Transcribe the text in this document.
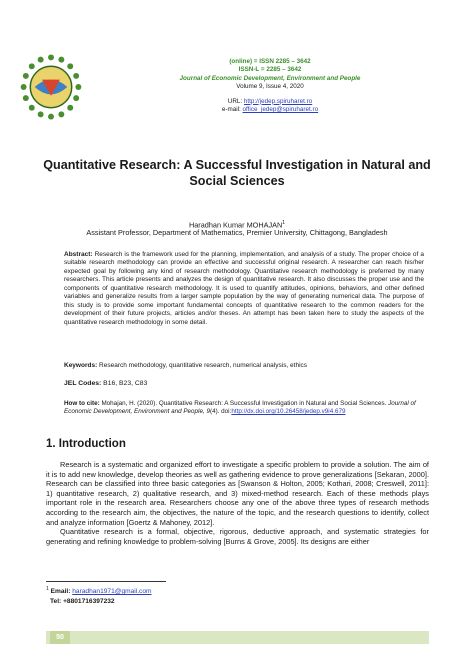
(online) = ISSN 2285 – 3642
ISSN-L = 2285 – 3642
Journal of Economic Development, Environment and People
Volume 9, Issue 4, 2020
URL: http://jedep.spiruharet.ro
e-mail: office_jedep@spiruharet.ro
Quantitative Research: A Successful Investigation in Natural and Social Sciences
Haradhan Kumar MOHAJAN$^1$
Assistant Professor, Department of Mathematics, Premier University, Chittagong, Bangladesh
Abstract: Research is the framework used for the planning, implementation, and analysis of a study. The proper choice of a suitable research methodology can provide an effective and successful original research. A researcher can reach his/her expected goal by following any kind of research methodology. Quantitative research methodology is preferred by many researchers. This article presents and analyzes the design of quantitative research. It also discusses the proper use and the components of quantitative research methodology. It is used to quantify attitudes, opinions, behaviors, and other defined variables and generalize results from a larger sample population by the way of generating numerical data. The purpose of this study is to provide some important fundamental concepts of quantitative research to the common readers for the development of their future projects, articles and/or theses. An attempt has been taken here to study the aspects of the quantitative research methodology in some detail.
Keywords: Research methodology, quantitative research, numerical analysis, ethics
JEL Codes: B16, B23, C83
How to cite: Mohajan, H. (2020). Quantitative Research: A Successful Investigation in Natural and Social Sciences. Journal of Economic Development, Environment and People, 9(4). doi:http://dx.doi.org/10.26458/jedep.v9i4.679
1. Introduction

Research is a systematic and organized effort to investigate a specific problem to provide a solution. The aim of it is to add new knowledge, develop theories as well as gathering evidence to prove generalizations [Sekaran, 2000]. Research can be classified into three basic categories as [Swanson & Holton, 2005; Kothari, 2008; Creswell, 2011]: 1) quantitative research, 2) qualitative research, and 3) mixed-method research. Each of these methods plays important role in the research area. Researchers choose any one of the above three types of research methods according to the research aim, the objectives, the nature of the topic, and the research questions to identify, collect and analyze information [Goertz & Mahoney, 2012].

Quantitative research is a formal, objective, rigorous, deductive approach, and systematic strategies for generating and refining knowledge to problem-solving [Burns & Grove, 2005]. Its designs are either

$^1$ Email: haradhan1971@gmail.com
Tel: +8801716397232
50
